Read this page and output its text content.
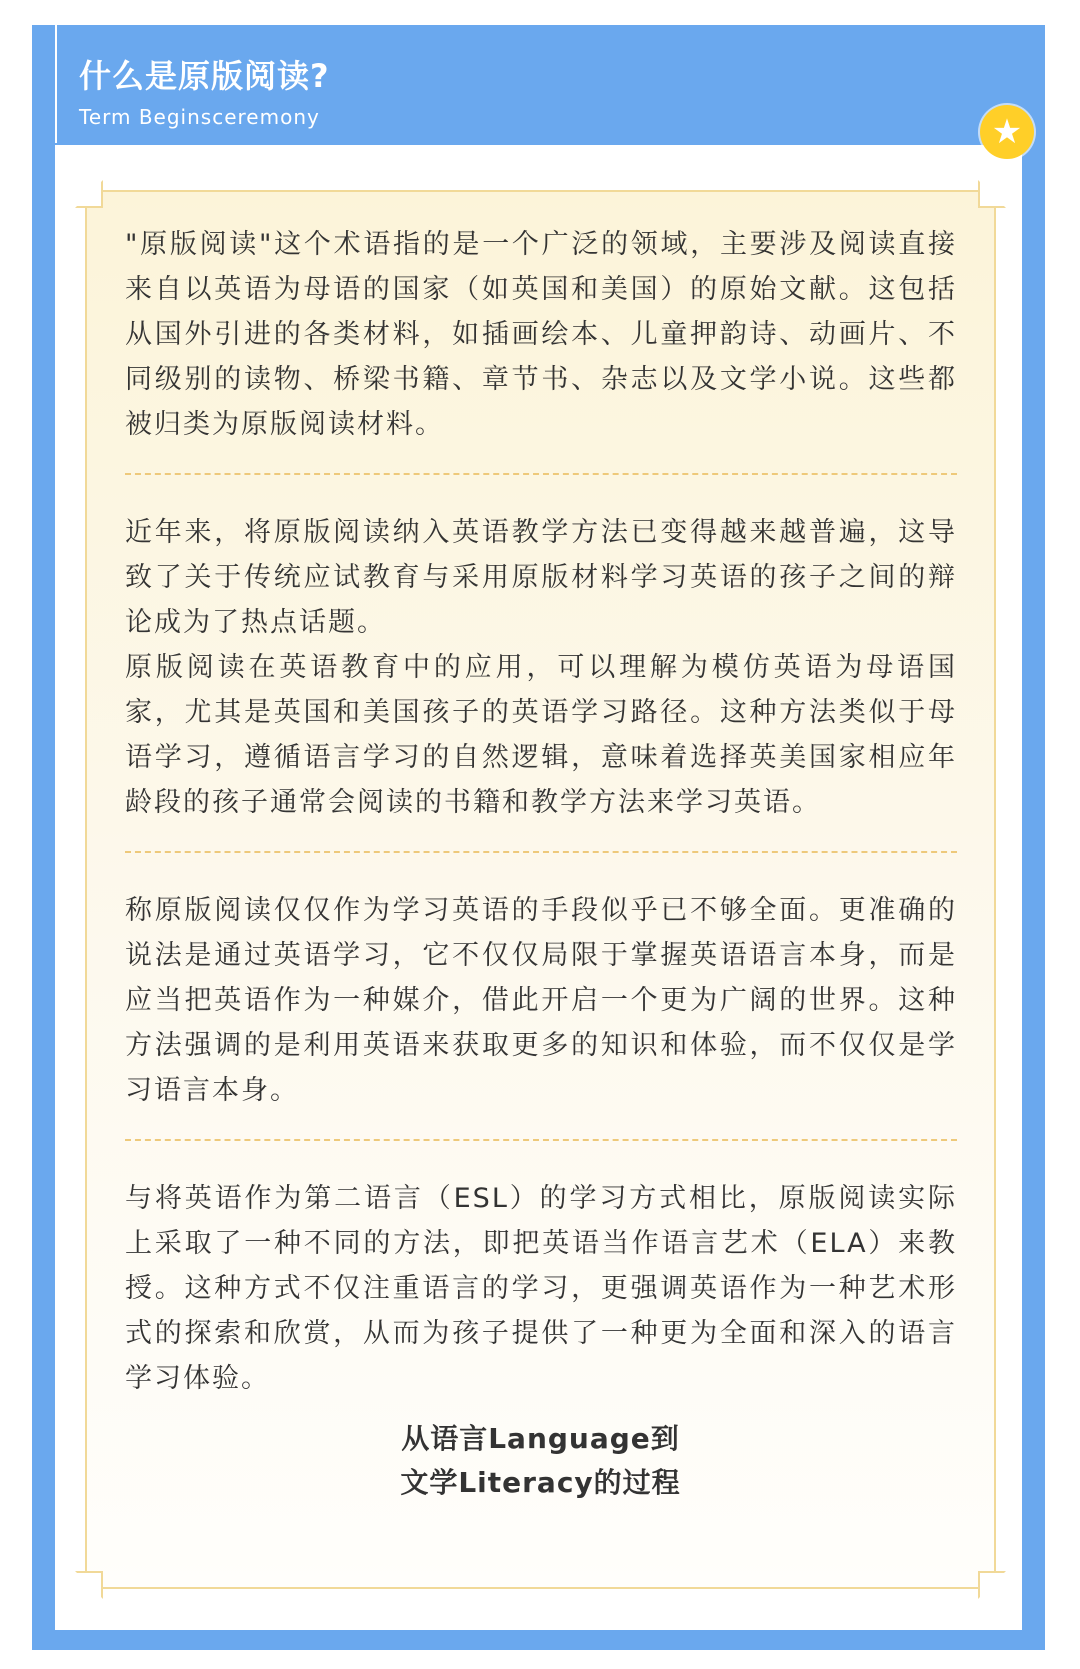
什么是原版阅读?
Term Beginsceremony	★

"原版阅读"这个术语指的是一个广泛的领域，主要涉及阅读直接来自以英语为母语的国家（如英国和美国）的原始文献。这包括从国外引进的各类材料，如插画绘本、儿童押韵诗、动画片、不同级别的读物、桥梁书籍、章节书、杂志以及文学小说。这些都被归类为原版阅读材料。

近年来，将原版阅读纳入英语教学方法已变得越来越普遍，这导致了关于传统应试教育与采用原版材料学习英语的孩子之间的辩论成为了热点话题。

原版阅读在英语教育中的应用，可以理解为模仿英语为母语国家，尤其是英国和美国孩子的英语学习路径。这种方法类似于母语学习，遵循语言学习的自然逻辑，意味着选择英美国家相应年龄段的孩子通常会阅读的书籍和教学方法来学习英语。

称原版阅读仅仅作为学习英语的手段似乎已不够全面。更准确的说法是通过英语学习，它不仅仅局限于掌握英语语言本身，而是应当把英语作为一种媒介，借此开启一个更为广阔的世界。这种方法强调的是利用英语来获取更多的知识和体验，而不仅仅是学习语言本身。

与将英语作为第二语言（ESL）的学习方式相比，原版阅读实际上采取了一种不同的方法，即把英语当作语言艺术（ELA）来教授。这种方式不仅注重语言的学习，更强调英语作为一种艺术形式的探索和欣赏，从而为孩子提供了一种更为全面和深入的语言学习体验。

从语言Language到
文学Literacy的过程
